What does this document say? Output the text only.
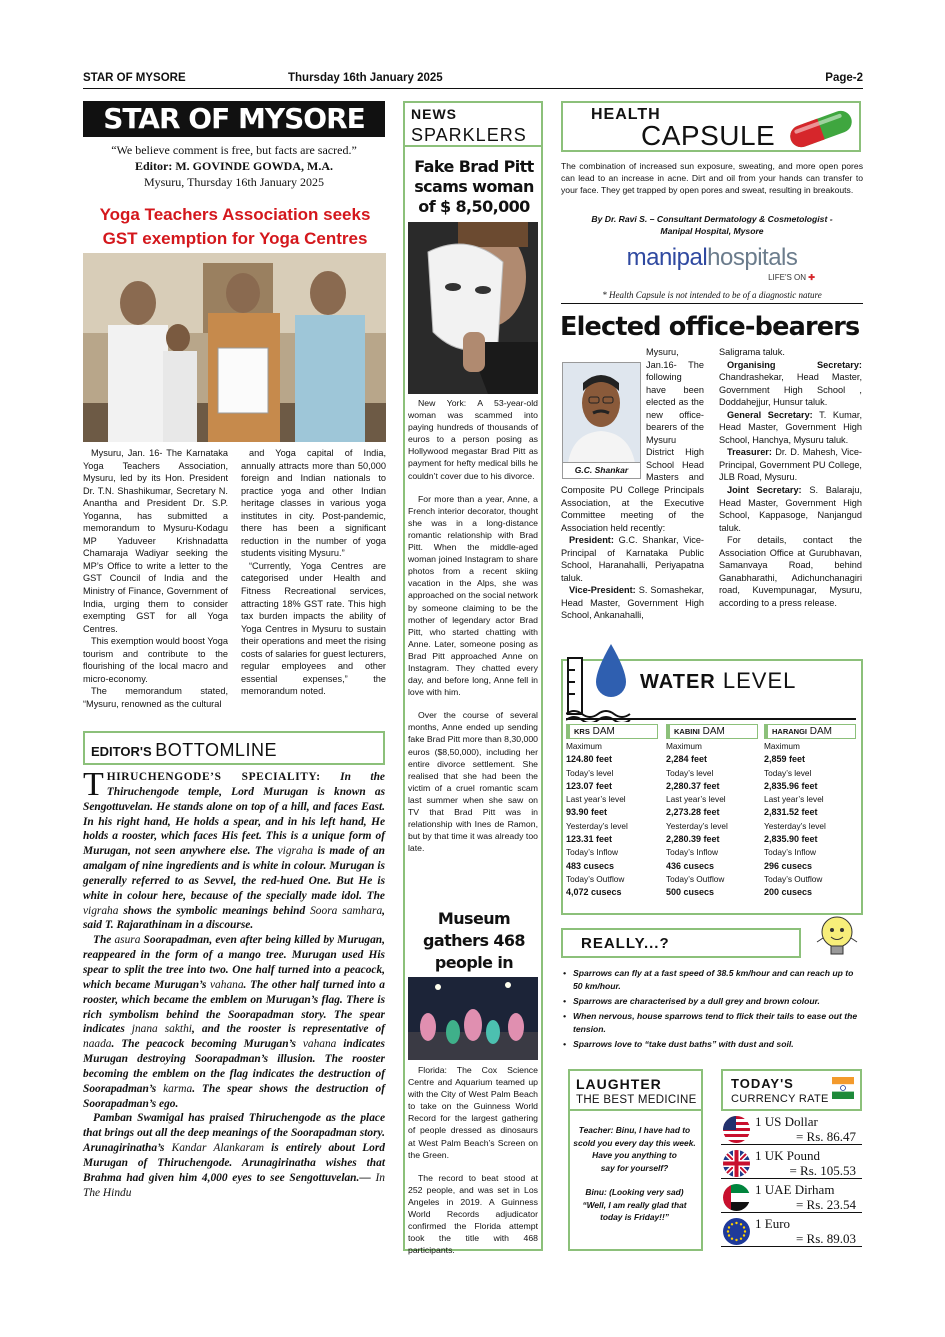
STAR OF MYSORE	Thursday 16th January 2025	Page-2
STAR OF MYSORE
“We believe comment is free, but facts are sacred.”
Editor: M. GOVINDE GOWDA, M.A.
Mysuru, Thursday 16th January 2025
Yoga Teachers Association seeks
GST exemption for Yoga Centres

Mysuru, Jan. 16- The Karnataka Yoga Teachers Association, Mysuru, led by its Hon. President Dr. T.N. Shashikumar, Secretary N. Anantha and President Dr. S.P. Yoganna, has submitted a memorandum to Mysuru-Kodagu MP Yaduveer Krishnadatta Chamaraja Wadiyar seeking the MP’s Office to write a letter to the GST Council of India and the Ministry of Finance, Government of India, urging them to consider exempting GST for all Yoga Centres.

This exemption would boost Yoga tourism and contribute to the flourishing of the local macro and micro-economy.

The memorandum stated, “Mysuru, renowned as the cultural

and Yoga capital of India, annually attracts more than 50,000 foreign and Indian nationals to practice yoga and other Indian heritage classes in various yoga institutes in city. Post-pandemic, there has been a significant reduction in the number of yoga students visiting Mysuru.”

“Currently, Yoga Centres are categorised under Health and Fitness Recreational services, attracting 18% GST rate. This high tax burden impacts the ability of Yoga Centres in Mysuru to sustain their operations and meet the rising costs of salaries for guest lecturers, regular employees and other essential expenses,” the memorandum noted.

EDITOR'S BOTTOMLINE

THIRUCHENGODE’S SPECIALITY: In the Thiruchengode temple, Lord Murugan is known as Sengottuvelan. He stands alone on top of a hill, and faces East. In his right hand, He holds a spear, and in his left hand, He holds a rooster, which faces His feet. This is a unique form of Murugan, not seen anywhere else. The vigraha is made of an amalgam of nine ingredients and is white in colour. Murugan is generally referred to as Sevvel, the red-hued One. But He is white in colour here, because of the specially made idol. The vigraha shows the symbolic meanings behind Soora samhara, said T. Rajarathinam in a discourse.

The asura Soorapadman, even after being killed by Murugan, reappeared in the form of a mango tree. Murugan used His spear to split the tree into two. One half turned into a peacock, which became Murugan’s vahana. The other half turned into a rooster, which became the emblem on Murugan’s flag. There is rich symbolism behind the Soorapadman story. The spear indicates jnana sakthi, and the rooster is representative of naada. The peacock becoming Murugan’s vahana indicates Murugan destroying Soorapadman’s illusion. The rooster becoming the emblem on the flag indicates the destruction of Soorapadman’s karma. The spear shows the destruction of Soorapadman’s ego.

Pamban Swamigal has praised Thiruchengode as the place that brings out all the deep meanings of the Soorapadman story. Arunagirinatha’s Kandar Alankaram is entirely about Lord Murugan of Thiruchengode. Arunagirinatha wishes that Brahma had given him 4,000 eyes to see Sengottuvelan.— In The Hindu

NEWS
SPARKLERS
Fake Brad Pitt scams woman of $ 8,50,000

New York: A 53-year-old woman was scammed into paying hundreds of thousands of euros to a person posing as Hollywood megastar Brad Pitt as payment for hefty medical bills he couldn’t cover due to his divorce.

For more than a year, Anne, a French interior decorator, thought she was in a long-distance romantic relationship with Brad Pitt. When the middle-aged woman joined Instagram to share photos from a recent skiing vacation in the Alps, she was approached on the social network by someone claiming to be the mother of legendary actor Brad Pitt, who started chatting with Anne. Later, someone posing as Brad Pitt approached Anne on Instagram. They chatted every day, and before long, Anne fell in love with him.

Over the course of several months, Anne ended up sending fake Brad Pitt more than 8,30,000 euros ($8,50,000), including her entire divorce settlement. She realised that she had been the victim of a cruel romantic scam last summer when she saw on TV that Brad Pitt was in relationship with Ines de Ramon, but by that time it was already too late.

Museum gathers 468 people in

Florida: The Cox Science Centre and Aquarium teamed up with the City of West Palm Beach to take on the Guinness World Record for the largest gathering of people dressed as dinosaurs at West Palm Beach’s Screen on the Green.

The record to beat stood at 252 people, and was set in Los Angeles in 2019. A Guinness World Records adjudicator confirmed the Florida attempt took the title with 468 participants.

HEALTH
CAPSULE
The combination of increased sun exposure, sweating, and more open pores can lead to an increase in acne. Dirt and oil from your hands can transfer to your face. They get trapped by open pores and sweat, resulting in breakouts.
By Dr. Ravi S. – Consultant Dermatology & Cosmetologist -
Manipal Hospital, Mysore
manipalhospitals
LIFE'S ON ✚
* Health Capsule is not intended to be of a diagnostic nature
Elected office-bearers
G.C. Shankar

Mysuru, Jan.16- The following have been elected as the new office-bearers of the Mysuru District High School Head Masters and Composite PU College Principals Association, at the Executive Committee meeting of the Association held recently:

President: G.C. Shankar, Vice-Principal of Karnataka Public School, Haranahalli, Periyapatna taluk.

Vice-President: S. Somashekar, Head Master, Government High School, Ankanahalli,

Saligrama taluk.

Organising Secretary: Chandrashekar, Head Master, Government High School , Doddahejjur, Hunsur taluk.

General Secretary: T. Kumar, Head Master, Government High School, Hanchya, Mysuru taluk.

Treasurer: Dr. D. Mahesh, Vice-Principal, Government PU College, JLB Road, Mysuru.

Joint Secretary: S. Balaraju, Head Master, Government High School, Kappasoge, Nanjangud taluk.

For details, contact the Association Office at Gurubhavan, Samanvaya Road, behind Ganabharathi, Adichunchanagiri road, Kuvempunagar, Mysuru, according to a press release.

WATER LEVEL
KRS DAM
Maximum
124.80 feet
Today’s level
123.07 feet
Last year’s level
93.90 feet
Yesterday’s level
123.31 feet
Today’s Inflow
483 cusecs
Today’s Outflow
4,072 cusecs
KABINI DAM
Maximum
2,284 feet
Today’s level
2,280.37 feet
Last year’s level
2,273.28 feet
Yesterday’s level
2,280.39 feet
Today’s Inflow
436 cusecs
Today’s Outflow
500 cusecs
HARANGI DAM
Maximum
2,859 feet
Today’s level
2,835.96 feet
Last year’s level
2,831.52 feet
Yesterday’s level
2,835.90 feet
Today’s Inflow
296 cusecs
Today’s Outflow
200 cusecs
REALLY...?
• Sparrows can fly at a fast speed of 38.5 km/hour and can reach up to 50 km/hour.
• Sparrows are characterised by a dull grey and brown colour.
• When nervous, house sparrows tend to flick their tails to ease out the tension.
• Sparrows love to “take dust baths” with dust and soil.
LAUGHTER
THE BEST MEDICINE
Teacher: Binu, I have had to
scold you every day this week.
Have you anything to
say for yourself?
Binu: (Looking very sad)
“Well, I am really glad that
today is Friday!!”
TODAY'S
CURRENCY RATE
1 US Dollar
= Rs. 86.47
1 UK Pound
= Rs. 105.53
1 UAE Dirham
= Rs. 23.54
1 Euro
= Rs. 89.03
